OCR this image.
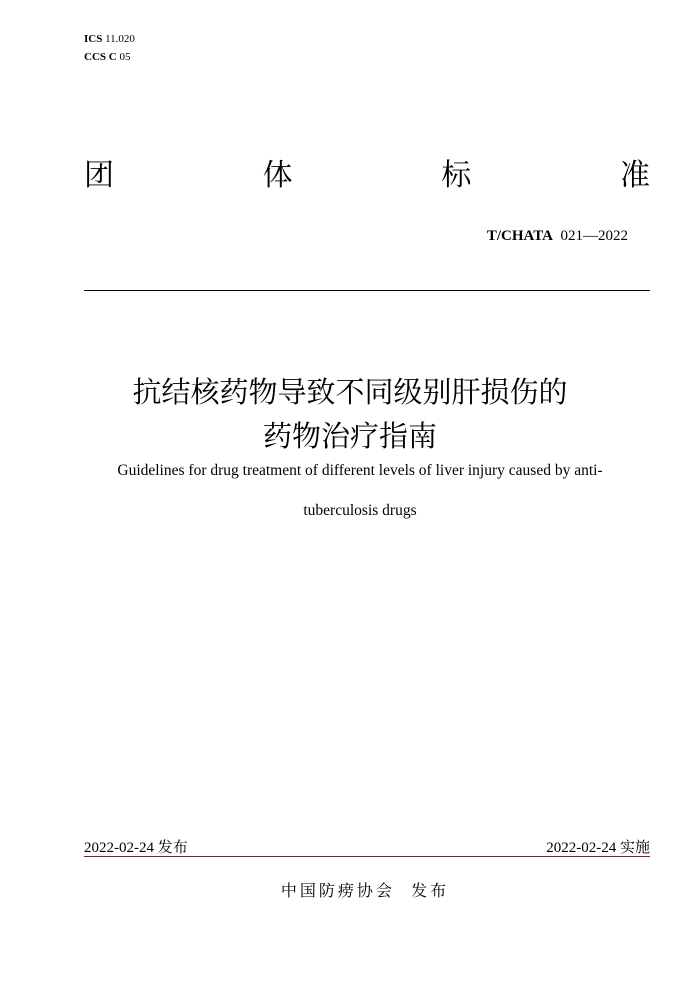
ICS 11.020
CCS C 05
团	体	标	准
T/CHATA 021—2022
抗结核药物导致不同级别肝损伤的
药物治疗指南
Guidelines for drug treatment of different levels of liver injury caused by anti-
tuberculosis drugs
2022-02-24 发布	2022-02-24 实施
中国防痨协会 发布
